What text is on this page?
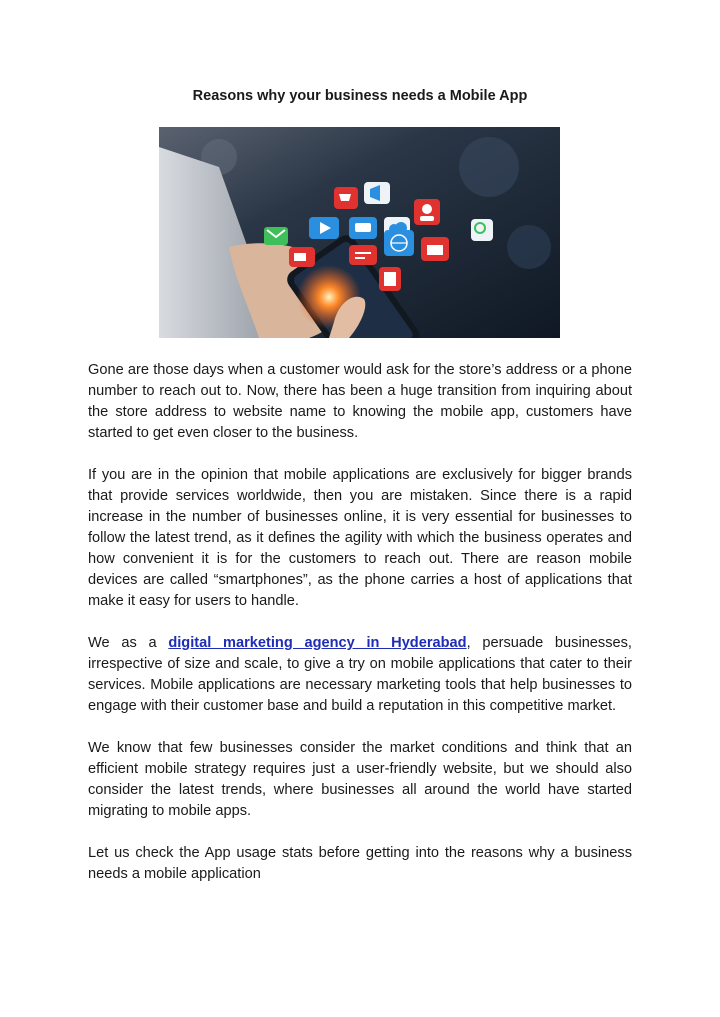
Reasons why your business needs a Mobile App

Gone are those days when a customer would ask for the store’s address or a phone number to reach out to. Now, there has been a huge transition from inquiring about the store address to website name to knowing the mobile app, customers have started to get even closer to the business.

If you are in the opinion that mobile applications are exclusively for bigger brands that provide services worldwide, then you are mistaken. Since there is a rapid increase in the number of businesses online, it is very essential for businesses to follow the latest trend, as it defines the agility with which the business operates and how convenient it is for the customers to reach out. There are reason mobile devices are called “smartphones”, as the phone carries a host of applications that make it easy for users to handle.

We as a digital marketing agency in Hyderabad, persuade businesses, irrespective of size and scale, to give a try on mobile applications that cater to their services. Mobile applications are necessary marketing tools that help businesses to engage with their customer base and build a reputation in this competitive market.

We know that few businesses consider the market conditions and think that an efficient mobile strategy requires just a user-friendly website, but we should also consider the latest trends, where businesses all around the world have started migrating to mobile apps.

Let us check the App usage stats before getting into the reasons why a business needs a mobile application
